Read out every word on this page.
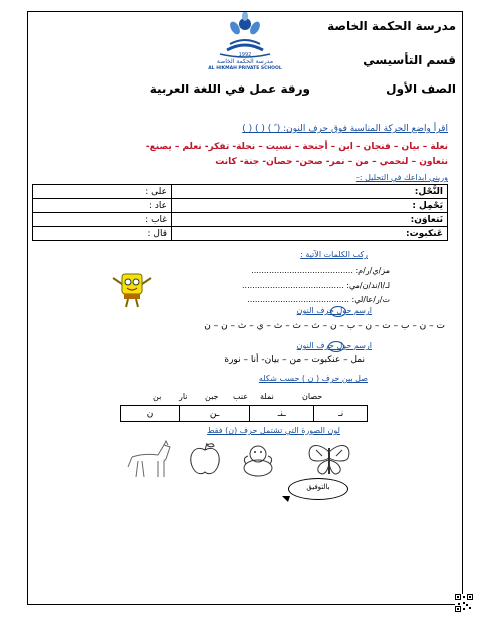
مدرسة الحكمة الخاصة
قسم التأسيسي
الصف الأول
ورقة عمل في اللغة العربية
1992
مدرسة الحكمة الخاصة
AL HIKMAH PRIVATE SCHOOL
اقرأ واضع الحركة المناسبة فوق حرف النون: ( ً ) ( ) ( )
نعلة – بيان – فنجان – ابن – أجنحة – نسيت – نحلة- تفكر- نعلم – يصنع-
نتعاون – لنحمي – من – نمر- صحن- حصان- جنة- كانت
وريني ابداعك في التحليل :–
على :	النَّحْل:
عاد :	يَحْمِل :
غاب :	نَتعاوَن:
قال :	عَنكبوت:
ركب الكلمات الآتية :
مز/ي/ر/م: ........................................
لـ/ا/ند/ن/مي: ........................................
ت/ر/عا/لي: ........................................
ارسم حول حرف النون
ت – ن – ب – ت – ن – ب – ن – ث – ث – ث – ي – ث – ن – ن
ارسم حول حرف النون
نمل – عنكبوت – من – بيان- أنا – نورة
صل بين حرف ( ن ) حسب شكله
حصان
نملة
عنب
جبن
نار
بن
ن	ـن	ـنـ	نـ
لون الصورة التي تشتمل حرف (ن) فقط
بالتوفيق
